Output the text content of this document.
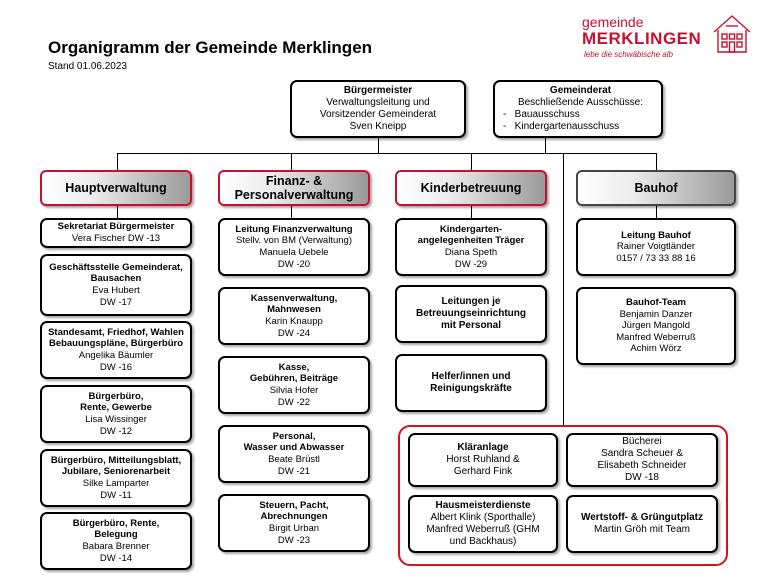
Organigramm der Gemeinde Merklingen
Stand 01.06.2023
gemeinde
MERKLINGEN
lebe die schwäbische alb
Bürgermeister
Verwaltungsleitung und
Vorsitzender Gemeinderat
Sven Kneipp
Gemeinderat
Beschließende Ausschüsse:
-   Bauausschuss
-   Kindergartenausschuss
Hauptverwaltung
Finanz- &
Personalverwaltung
Kinderbetreuung	Bauhof
Sekretariat Bürgermeister
Vera Fischer DW -13
Geschäftsstelle Gemeinderat,
Bausachen
Eva Hubert
DW -17
Standesamt, Friedhof, Wahlen
Bebauungspläne, Bürgerbüro
Angelika Bäumler
DW -16
Bürgerbüro,
Rente, Gewerbe
Lisa Wissinger
DW -12
Bürgerbüro, Mitteilungsblatt,
Jubilare, Seniorenarbeit
Silke Lamparter
DW -11
Bürgerbüro, Rente,
Belegung
Babara Brenner
DW -14
Leitung Finanzverwaltung
Stellv. von BM (Verwaltung)
Manuela Uebele
DW -20
Kassenverwaltung,
Mahnwesen
Karin Knaupp
DW -24
Kasse,
Gebühren, Beiträge
Silvia Hofer
DW -22
Personal,
Wasser und Abwasser
Beate Brüstl
DW -21
Steuern, Pacht,
Abrechnungen
Birgit Urban
DW -23
Kindergarten-
angelegenheiten Träger
Diana Speth
DW -29
Leitungen je
Betreuungseinrichtung
mit Personal
Helfer/innen und
Reinigungskräfte
Leitung Bauhof
Rainer Voigtländer
0157 / 73 33 88 16
Bauhof-Team
Benjamin Danzer
Jürgen Mangold
Manfred Weberruß
Achim Wörz
Kläranlage
Horst Ruhland &
Gerhard Fink
Bücherei
Sandra Scheuer &
Elisabeth Schneider
DW -18
Hausmeisterdienste
Albert Klink (Sporthalle)
Manfred Weberruß (GHM
und Backhaus)
Wertstoff- & Grüngutplatz
Martin Gröh mit Team
